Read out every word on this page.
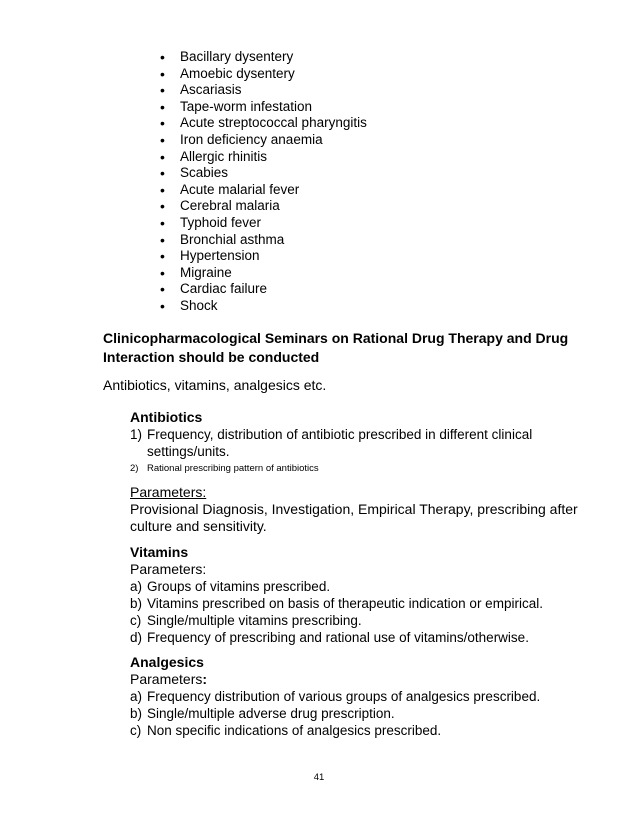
• Bacillary dysentery
• Amoebic dysentery
• Ascariasis
• Tape-worm infestation
• Acute streptococcal pharyngitis
• Iron deficiency anaemia
• Allergic rhinitis
• Scabies
• Acute malarial fever
• Cerebral malaria
• Typhoid fever
• Bronchial asthma
• Hypertension
• Migraine
• Cardiac failure
• Shock
Clinicopharmacological Seminars on Rational Drug Therapy and Drug Interaction should be conducted
Antibiotics, vitamins, analgesics etc.
Antibiotics
1) Frequency, distribution of antibiotic prescribed in different clinical settings/units.
2) Rational prescribing pattern of antibiotics
Parameters:
Provisional Diagnosis, Investigation, Empirical Therapy, prescribing after culture and sensitivity.
Vitamins
Parameters:
a) Groups of vitamins prescribed.
b) Vitamins prescribed on basis of therapeutic indication or empirical.
c) Single/multiple vitamins prescribing.
d) Frequency of prescribing and rational use of vitamins/otherwise.
Analgesics
Parameters:
a) Frequency distribution of various groups of analgesics prescribed.
b) Single/multiple adverse drug prescription.
c) Non specific indications of analgesics prescribed.
41
